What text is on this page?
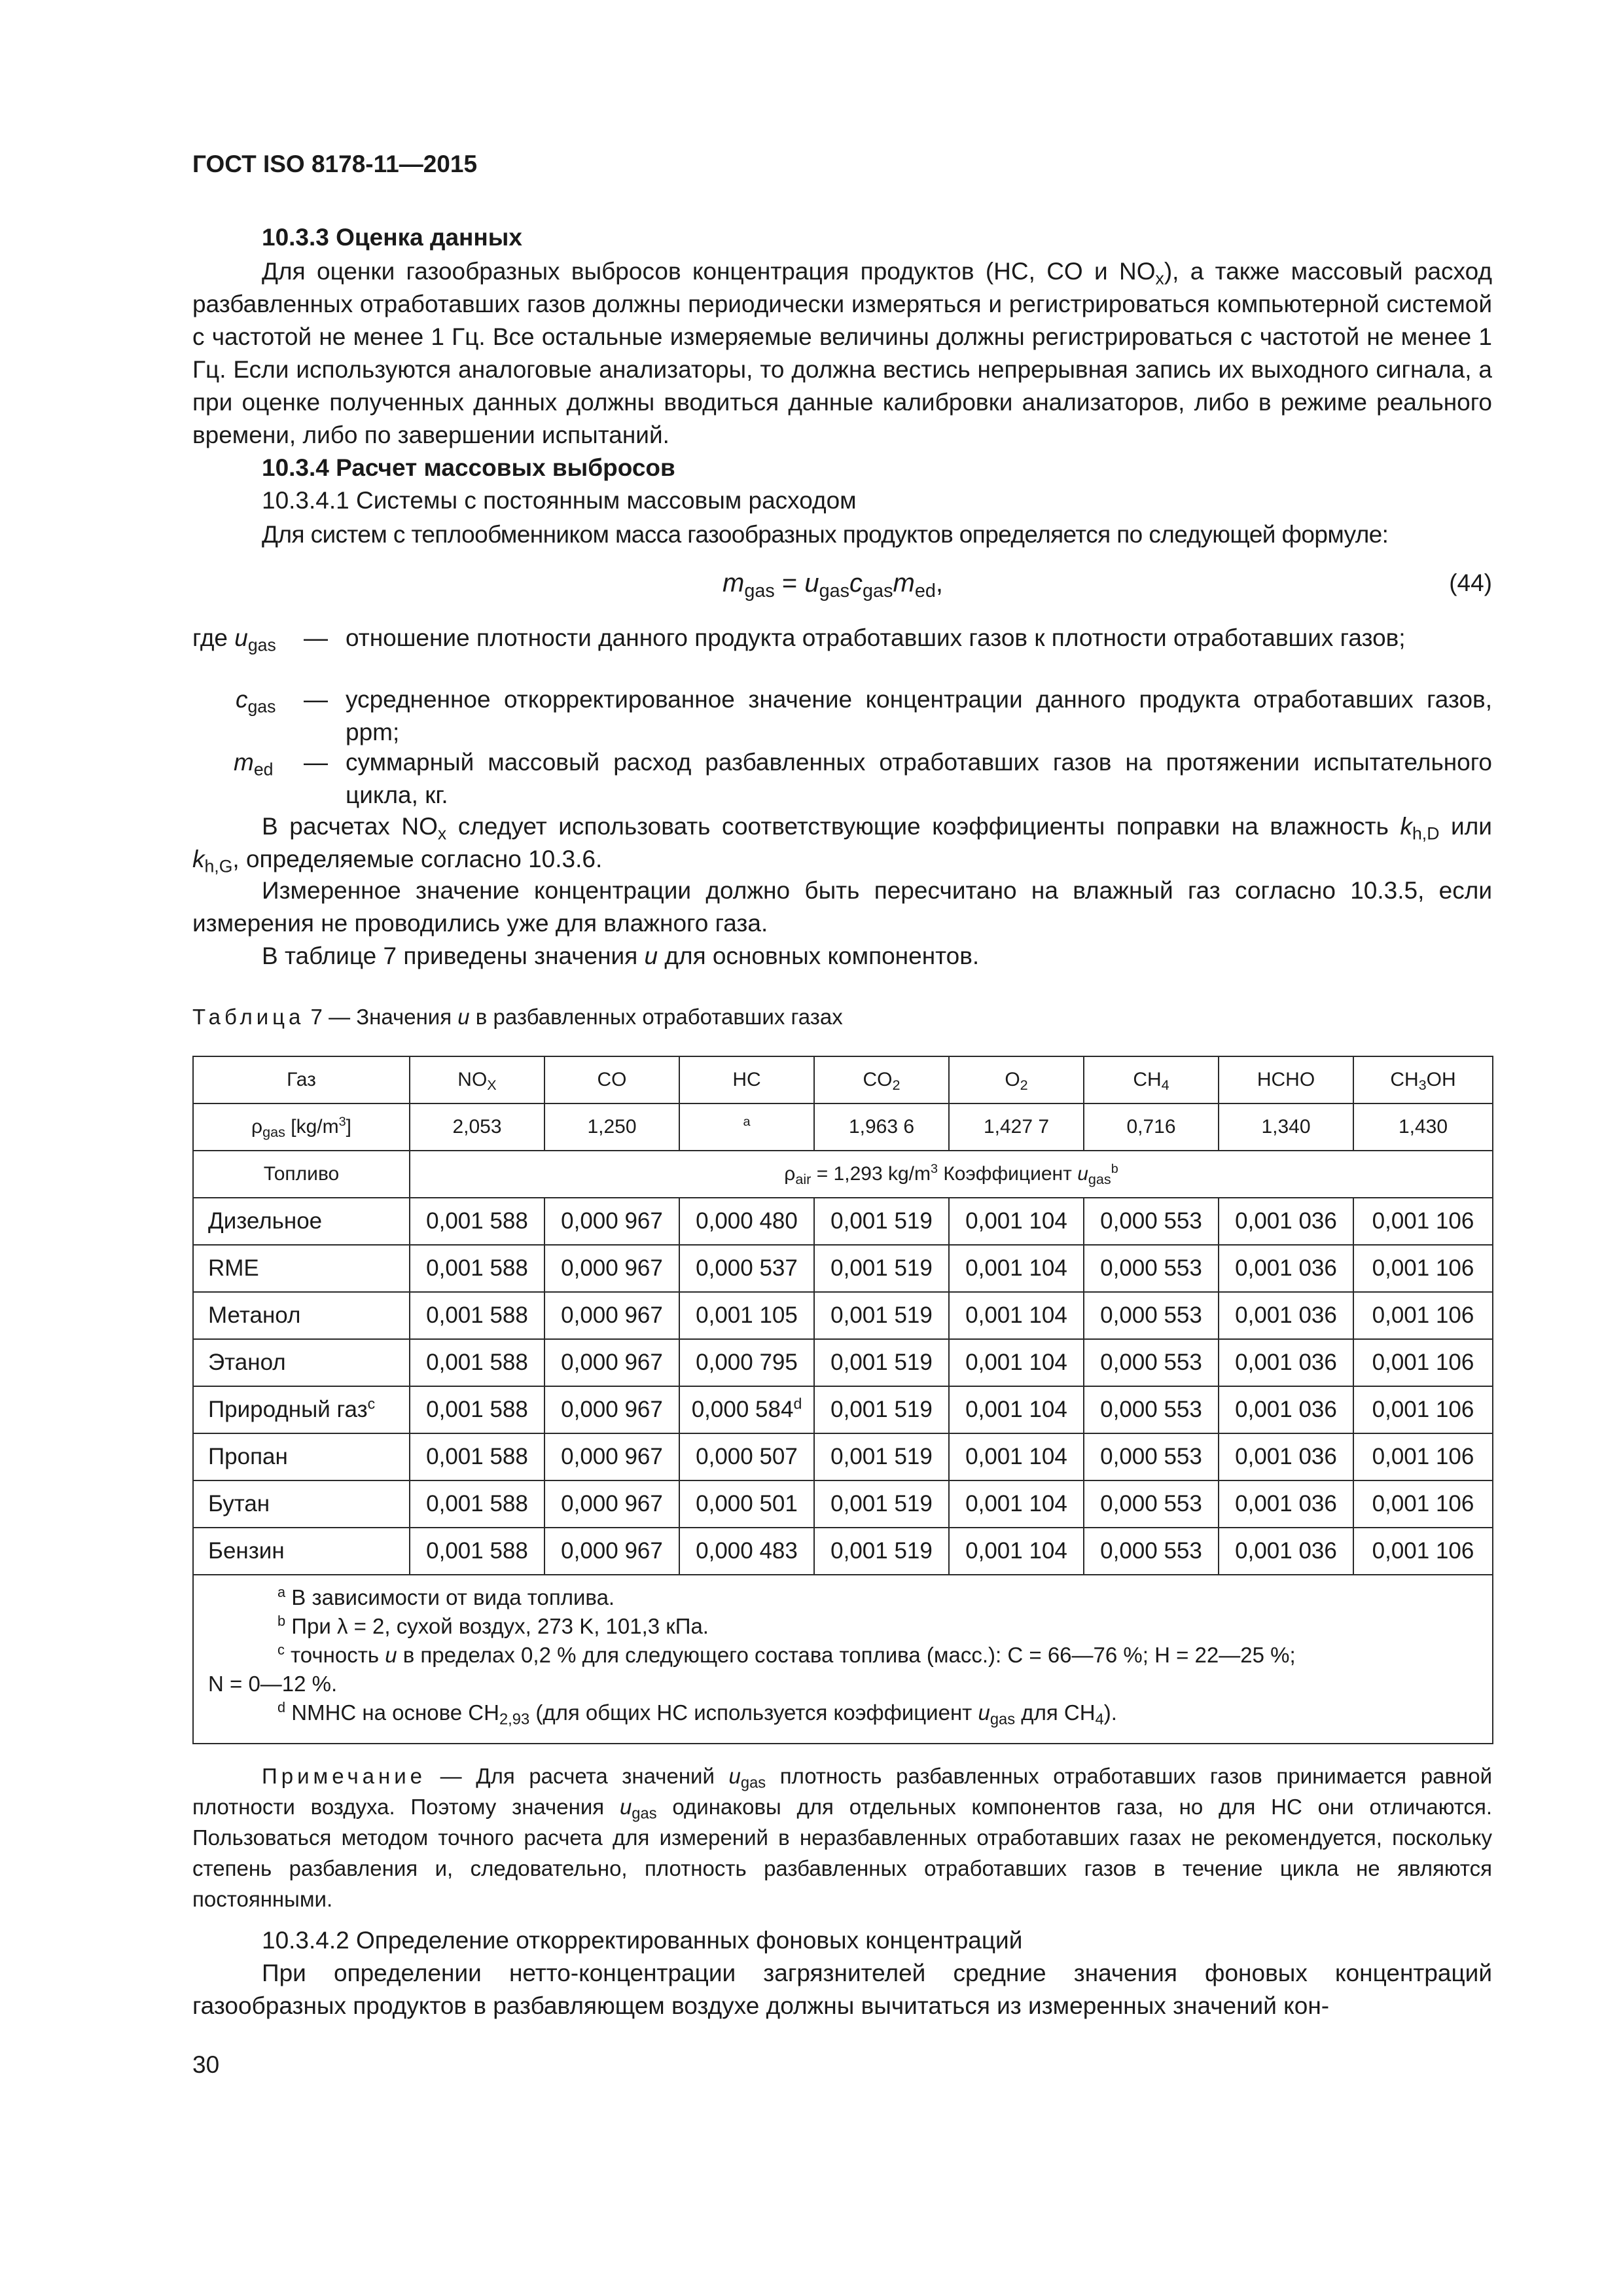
ГОСТ ISO 8178-11—2015
10.3.3 Оценка данных
Для оценки газообразных выбросов концентрация продуктов (HC, CO и $NO_x$), а также массовый расход разбавленных отработавших газов должны периодически измеряться и регистрироваться компьютерной системой с частотой не менее 1 Гц. Все остальные измеряемые величины должны регистрироваться с частотой не менее 1 Гц. Если используются аналоговые анализаторы, то должна вестись непрерывная запись их выходного сигнала, а при оценке полученных данных должны вводиться данные калибровки анализаторов, либо в режиме реального времени, либо по завершении испытаний.
10.3.4 Расчет массовых выбросов
10.3.4.1 Системы с постоянным массовым расходом
Для систем с теплообменником масса газообразных продуктов определяется по следующей формуле:
$m_{gas} = u_{gas}c_{gas}m_{ed}$,	(44)
где $u_{gas}$ — отношение плотности данного продукта отработавших газов к плотности отработавших газов;
$c_{gas}$ — усредненное откорректированное значение концентрации данного продукта отработавших газов, ppm;
$m_{ed}$ — суммарный массовый расход разбавленных отработавших газов на протяжении испытательного цикла, кг.
В расчетах $NO_x$ следует использовать соответствующие коэффициенты поправки на влажность $k_{h,D}$ или $k_{h,G}$, определяемые согласно 10.3.6.
Измеренное значение концентрации должно быть пересчитано на влажный газ согласно 10.3.5, если измерения не проводились уже для влажного газа.
В таблице 7 приведены значения u для основных компонентов.
Таблица 7 — Значения u в разбавленных отработавших газах
Газ	$NO_X$	CO	HC	$CO_2$	$O_2$	$CH_4$	HCHO	$CH_3OH$
$\rho_{gas}$ $[kg/m^3]$	2,053	1,250	$^a$	1,963 6	1,427 7	0,716	1,340	1,430
Топливо	$\rho_{air} = 1,293$ $kg/m^3$ Коэффициент $u_{gas}^b$
Дизельное	0,001 588	0,000 967	0,000 480	0,001 519	0,001 104	0,000 553	0,001 036	0,001 106
RME	0,001 588	0,000 967	0,000 537	0,001 519	0,001 104	0,000 553	0,001 036	0,001 106
Метанол	0,001 588	0,000 967	0,001 105	0,001 519	0,001 104	0,000 553	0,001 036	0,001 106
Этанол	0,001 588	0,000 967	0,000 795	0,001 519	0,001 104	0,000 553	0,001 036	0,001 106
Природный газ$^c$	0,001 588	0,000 967	0,000 584$^d$	0,001 519	0,001 104	0,000 553	0,001 036	0,001 106
Пропан	0,001 588	0,000 967	0,000 507	0,001 519	0,001 104	0,000 553	0,001 036	0,001 106
Бутан	0,001 588	0,000 967	0,000 501	0,001 519	0,001 104	0,000 553	0,001 036	0,001 106
Бензин	0,001 588	0,000 967	0,000 483	0,001 519	0,001 104	0,000 553	0,001 036	0,001 106

$^a$ В зависимости от вида топлива.
$^b$ При λ = 2, сухой воздух, 273 K, 101,3 кПа.
$^c$ точность u в пределах 0,2 % для следующего состава топлива (масс.): C = 66—76 %; H = 22—25 %;
N = 0—12 %.
$^d$ NMHC на основе $CH_{2,93}$ (для общих HC используется коэффициент $u_{gas}$ для $CH_4$).								
Примечание — Для расчета значений $u_{gas}$ плотность разбавленных отработавших газов принимается равной плотности воздуха. Поэтому значения $u_{gas}$ одинаковы для отдельных компонентов газа, но для HC они отличаются. Пользоваться методом точного расчета для измерений в неразбавленных отработавших газах не рекомендуется, поскольку степень разбавления и, следовательно, плотность разбавленных отработавших газов в течение цикла не являются постоянными.
10.3.4.2 Определение откорректированных фоновых концентраций
При определении нетто-концентрации загрязнителей средние значения фоновых концентраций газообразных продуктов в разбавляющем воздухе должны вычитаться из измеренных значений кон-
30
